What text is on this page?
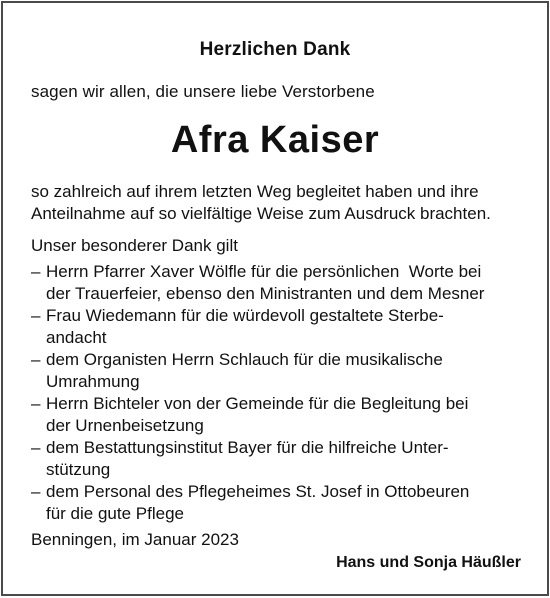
Herzlichen Dank
sagen wir allen, die unsere liebe Verstorbene
Afra Kaiser
so zahlreich auf ihrem letzten Weg begleitet haben und ihre
Anteilnahme auf so vielfältige Weise zum Ausdruck brachten.
Unser besonderer Dank gilt
– Herrn Pfarrer Xaver Wölfle für die persönlichen  Worte bei
der Trauerfeier, ebenso den Ministranten und dem Mesner
– Frau Wiedemann für die würdevoll gestaltete Sterbe-
andacht
– dem Organisten Herrn Schlauch für die musikalische
Umrahmung
– Herrn Bichteler von der Gemeinde für die Begleitung bei
der Urnenbeisetzung
– dem Bestattungsinstitut Bayer für die hilfreiche Unter-
stützung
– dem Personal des Pflegeheimes St. Josef in Ottobeuren
für die gute Pflege
Benningen, im Januar 2023
Hans und Sonja Häußler
